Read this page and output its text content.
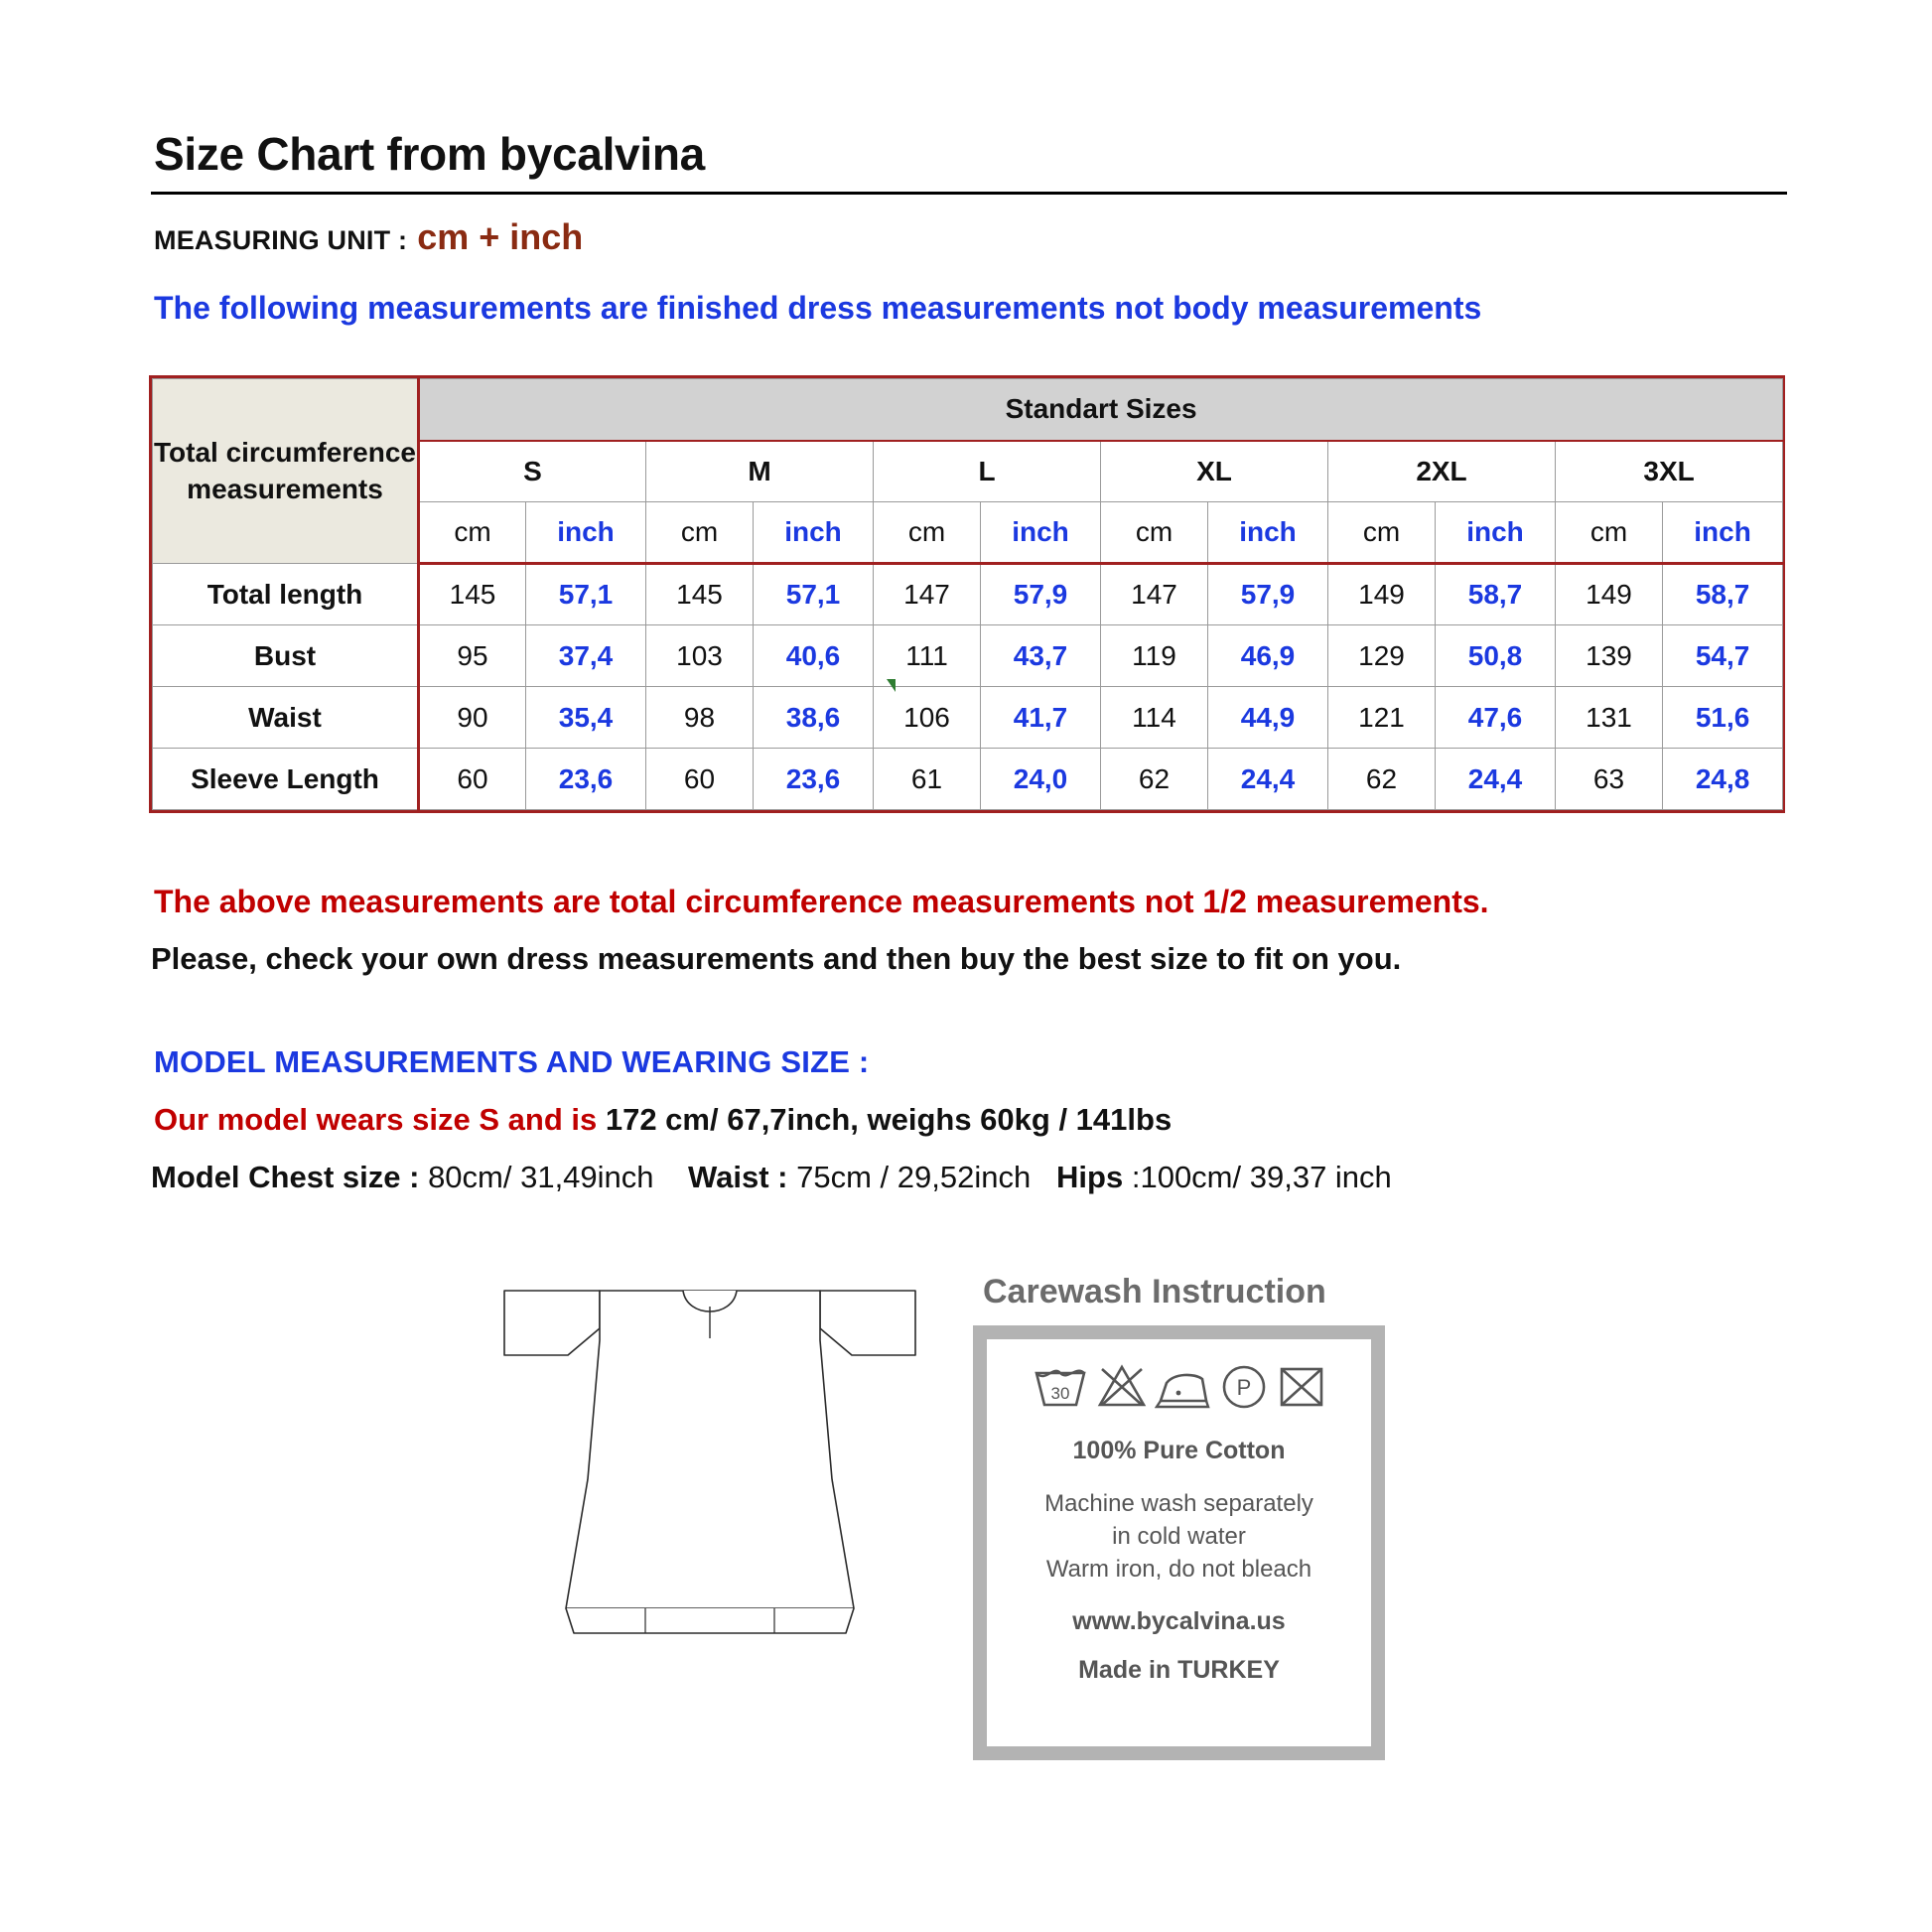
Size Chart from bycalvina
MEASURING UNIT : cm + inch
The following measurements are finished dress measurements not body measurements
Total circumference measurements	Standart Sizes											
	S		M		L		XL		2XL		3XL	
	cm	inch	cm	inch	cm	inch	cm	inch	cm	inch	cm	inch
Total length	145	57,1	145	57,1	147	57,9	147	57,9	149	58,7	149	58,7
Bust	95	37,4	103	40,6	111	43,7	119	46,9	129	50,8	139	54,7
Waist	90	35,4	98	38,6	106	41,7	114	44,9	121	47,6	131	51,6
Sleeve Length	60	23,6	60	23,6	61	24,0	62	24,4	62	24,4	63	24,8
The above measurements are total circumference measurements not 1/2 measurements.
Please, check your own dress measurements and then buy the best size to fit on you.
MODEL MEASUREMENTS AND WEARING SIZE :
Our model wears size S and is 172 cm/ 67,7inch, weighs 60kg / 141lbs
Model Chest size : 80cm/ 31,49inch Waist : 75cm / 29,52inch Hips :100cm/ 39,37 inch
Carewash Instruction
30	P
100% Pure Cotton
Machine wash separately
in cold water
Warm iron, do not bleach
www.bycalvina.us
Made in TURKEY
